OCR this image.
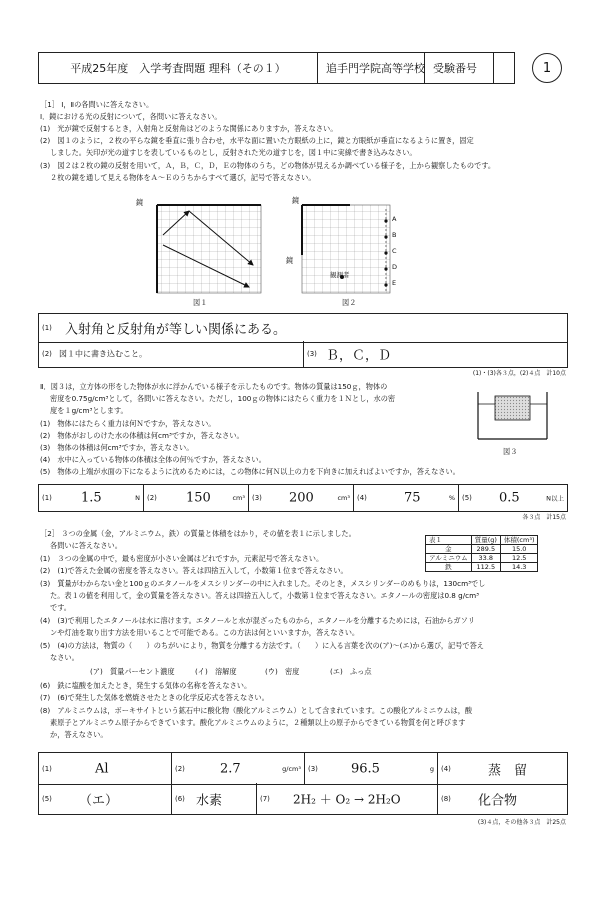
平成25年度　入学考査問題 理科（その１）	追手門学院高等学校 受験番号	1
［1］ Ⅰ，Ⅱの各問いに答えなさい。
Ⅰ．鏡における光の反射について，各問いに答えなさい。
(1)　光が鏡で反射するとき，入射角と反射角はどのような関係にありますか，答えなさい。
(2)　図１のように，２枚の平らな鏡を垂直に張り合わせ，水平な面に置いた方眼紙の上に，鏡と方眼紙が垂直になるように置き，固定
しました。矢印が光の道すじを表しているものとし，反射された光の道すじを，図１中に実線で書き込みなさい。
(3)　図２は２枚の鏡の反射を用いて，Ａ，Ｂ，Ｃ，Ｄ，Ｅの物体のうち，どの物体が見えるか調べている様子を，上から観察したものです。
２枚の鏡を通して見える物体をＡ～Ｅのうちからすべて選び，記号で答えなさい。
鏡
図１
鏡
鏡
観測者
A
B
C
D
E
図２
(1) 入射角と反射角が等しい関係にある。
(2) 図１中に書き込むこと。	(3) Ｂ，Ｃ，Ｄ
(1)・(3)各３点，(2)４点　計10点
Ⅱ．図３は，立方体の形をした物体が水に浮かんでいる様子を示したものです。物体の質量は150ｇ，物体の
密度を0.75g/cm³として，各問いに答えなさい。ただし，100ｇの物体にはたらく重力を１Ｎとし，水の密
度を１g/cm³とします。
(1)　物体にはたらく重力は何Ｎですか，答えなさい。
(2)　物体がおしのけた水の体積は何cm³ですか，答えなさい。
(3)　物体の体積は何cm³ですか，答えなさい。
(4)　水中に入っている物体の体積は全体の何％ですか，答えなさい。
(5)　物体の上端が水面の下になるように沈めるためには，この物体に何Ｎ以上の力を下向きに加えればよいですか，答えなさい。
図３
(1) 1.5	N (2) 150	cm³ (3) 200	cm³ (4)	75	% (5) 0.5	N以上
各３点　計15点
［2］ ３つの金属（金，アルミニウム，鉄）の質量と体積をはかり，その値を表１に示しました。
各問いに答えなさい。
(1)　３つの金属の中で，最も密度が小さい金属はどれですか，元素記号で答えなさい。
(2)　(1)で答えた金属の密度を答えなさい。答えは四捨五入して，小数第１位まで答えなさい。
(3)　質量がわからない金と100ｇのエタノールをメスシリンダーの中に入れました。そのとき，メスシリンダーのめもりは，130cm³でし
た。表１の値を利用して，金の質量を答えなさい。答えは四捨五入して，小数第１位まで答えなさい。エタノールの密度は0.8 g/cm³
です。
(4)　(3)で利用したエタノールは水に溶けます。エタノールと水が混ざったものから，エタノールを分離するためには，石油からガソリ
ンや灯油を取り出す方法を用いることで可能である。この方法は何といいますか，答えなさい。
(5)　(4)の方法は，物質の（　　）のちがいにより，物質を分離する方法です。（　　）に入る言葉を次の(ア)～(エ)から選び，記号で答え
なさい。
(ア)　質量パーセント濃度	(イ)　溶解度	(ウ)　密度	(エ)　ふっ点
(6)　鉄に塩酸を加えたとき，発生する気体の名称を答えなさい。
(7)　(6)で発生した気体を燃焼させたときの化学反応式を答えなさい。
(8)　アルミニウムは，ボーキサイトという鉱石中に酸化物（酸化アルミニウム）として含まれています。この酸化アルミニウムは，酸
素原子とアルミニウム原子からできています。酸化アルミニウムのように，２種類以上の原子からできている物質を何と呼びます
か，答えなさい。
表１	質量(g)	体積(cm³)
金	289.5	15.0
アルミニウム	33.8	12.5
鉄	112.5	14.3
(1)	Al	(2)	2.7	g/cm³ (3)	96.5	g (4)	蒸　留
(5) （エ）	(6) 水素	(7) 2H₂ ＋ O₂ → 2H₂O	(8) 化合物
(3)４点，その他各３点　計25点
